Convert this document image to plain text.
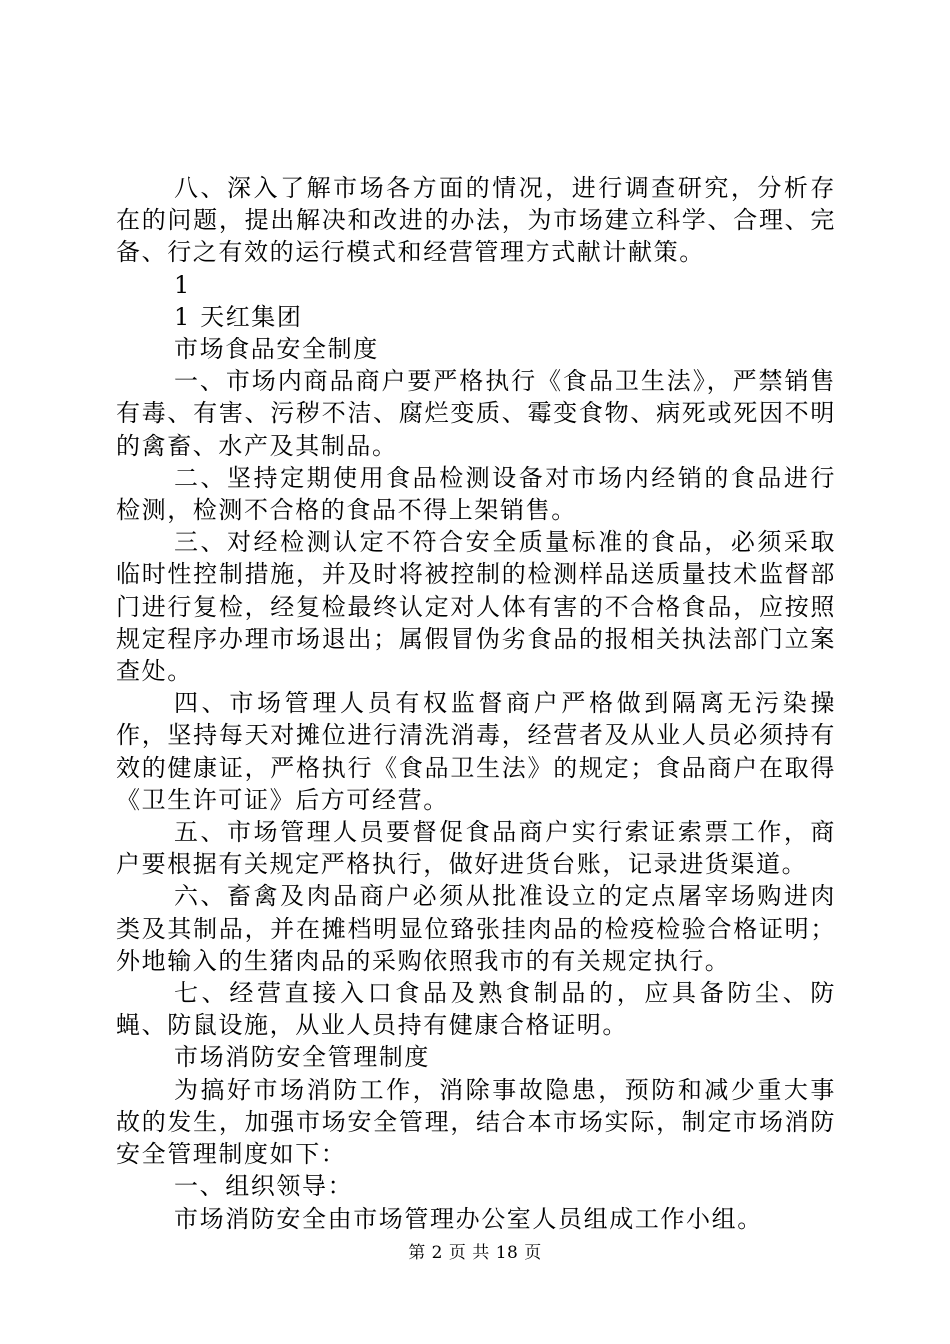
八、深入了解市场各方面的情况，进行调查研究，分析存在的问题，提出解决和改进的办法，为市场建立科学、合理、完备、行之有效的运行模式和经营管理方式献计献策。

1

1 天红集团

市场食品安全制度

一、市场内商品商户要严格执行《食品卫生法》，严禁销售有毒、有害、污秽不洁、腐烂变质、霉变食物、病死或死因不明的禽畜、水产及其制品。

二、坚持定期使用食品检测设备对市场内经销的食品进行检测，检测不合格的食品不得上架销售。

三、对经检测认定不符合安全质量标准的食品，必须采取临时性控制措施，并及时将被控制的检测样品送质量技术监督部门进行复检，经复检最终认定对人体有害的不合格食品，应按照规定程序办理市场退出；属假冒伪劣食品的报相关执法部门立案查处。

四、市场管理人员有权监督商户严格做到隔离无污染操作，坚持每天对摊位进行清洗消毒，经营者及从业人员必须持有效的健康证，严格执行《食品卫生法》的规定；食品商户在取得《卫生许可证》后方可经营。

五、市场管理人员要督促食品商户实行索证索票工作，商户要根据有关规定严格执行，做好进货台账，记录进货渠道。

六、畜禽及肉品商户必须从批准设立的定点屠宰场购进肉类及其制品，并在摊档明显位臵张挂肉品的检疫检验合格证明；外地输入的生猪肉品的采购依照我市的有关规定执行。

七、经营直接入口食品及熟食制品的，应具备防尘、防蝇、防鼠设施，从业人员持有健康合格证明。

市场消防安全管理制度

为搞好市场消防工作，消除事故隐患，预防和减少重大事故的发生，加强市场安全管理，结合本市场实际，制定市场消防安全管理制度如下：

一、组织领导：

市场消防安全由市场管理办公室人员组成工作小组。

第 2 页 共 18 页
